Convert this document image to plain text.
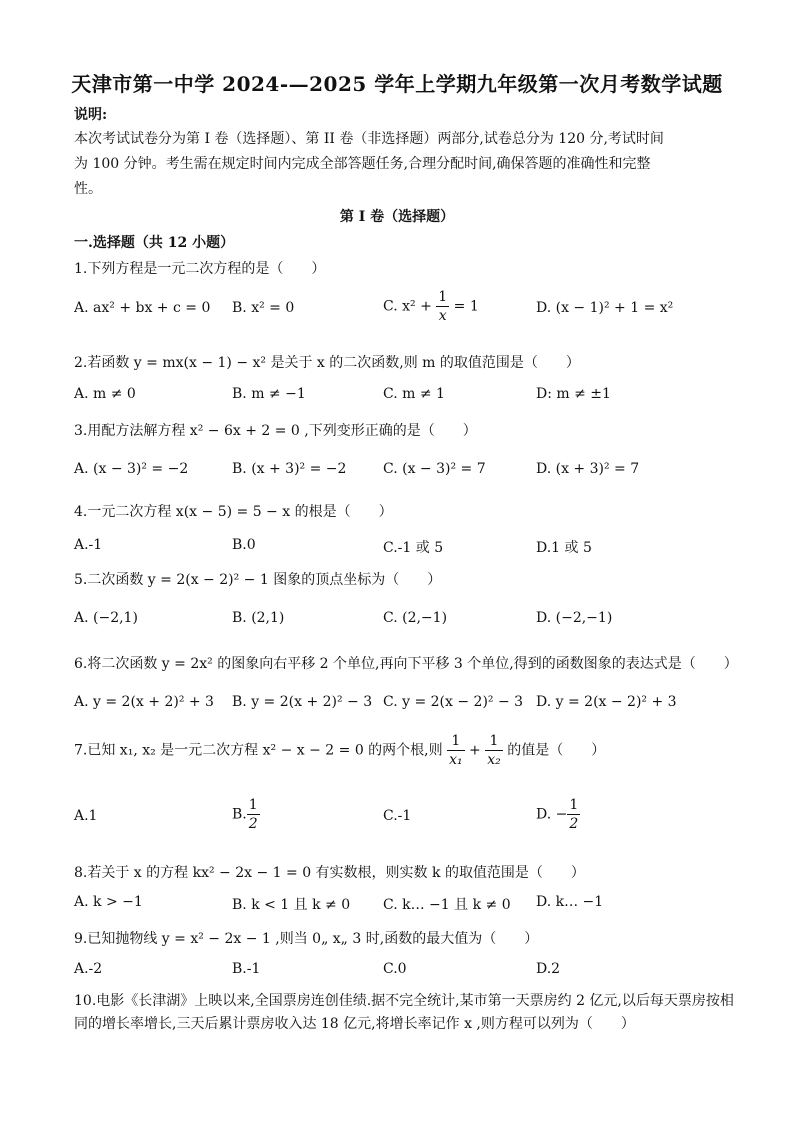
天津市第一中学 2024-—2025 学年上学期九年级第一次月考数学试题
说明:
本次考试试卷分为第 I 卷（选择题）、第 II 卷（非选择题）两部分,试卷总分为 120 分,考试时间
为 100 分钟。考生需在规定时间内完成全部答题任务,合理分配时间,确保答题的准确性和完整
性。
第 I 卷（选择题）
一.选择题（共 12 小题）
1.下列方程是一元二次方程的是（　　）
A. ax² + bx + c = 0 B. x² = 0	C. $x^2 + \frac{1}{x} = 1$	D. (x − 1)² + 1 = x²
2.若函数 y = mx(x − 1) − x² 是关于 x 的二次函数,则 m 的取值范围是（　　）
A. m ≠ 0	B. m ≠ −1	C. m ≠ 1	D: m ≠ ±1
3.用配方法解方程 x² − 6x + 2 = 0 ,下列变形正确的是（　　）
A. (x − 3)² = −2	B. (x + 3)² = −2	C. (x − 3)² = 7	D. (x + 3)² = 7
4.一元二次方程 x(x − 5) = 5 − x 的根是（　　）
A.-1	B.0	C.-1 或 5	D.1 或 5
5.二次函数 y = 2(x − 2)² − 1 图象的顶点坐标为（　　）
A. (−2,1)	B. (2,1)	C. (2,−1)	D. (−2,−1)
6.将二次函数 y = 2x² 的图象向右平移 2 个单位,再向下平移 3 个单位,得到的函数图象的表达式是（　　）
A. y = 2(x + 2)² + 3 B. y = 2(x + 2)² − 3 C. y = 2(x − 2)² − 3 D. y = 2(x − 2)² + 3
7.已知 x₁, x₂ 是一元二次方程 x² − x − 2 = 0 的两个根,则 $\frac{1}{\text{x₁}} + \frac{1}{\text{x₂}}$ 的值是（　　）
A.1	B. $\frac{1}{2}$	C.-1	D. − $\frac{1}{2}$
8.若关于 x 的方程 kx² − 2x − 1 = 0 有实数根，则实数 k 的取值范围是（　　）
A. k > −1	B. k < 1 且 k ≠ 0 C. k… −1 且 k ≠ 0 D. k… −1
9.已知抛物线 y = x² − 2x − 1 ,则当 0„ x„ 3 时,函数的最大值为（　　）
A.-2	B.-1	C.0	D.2
10.电影《长津湖》上映以来,全国票房连创佳绩.据不完全统计,某市第一天票房约 2 亿元,以后每天票房按相
同的增长率增长,三天后累计票房收入达 18 亿元,将增长率记作 x ,则方程可以列为（　　）
